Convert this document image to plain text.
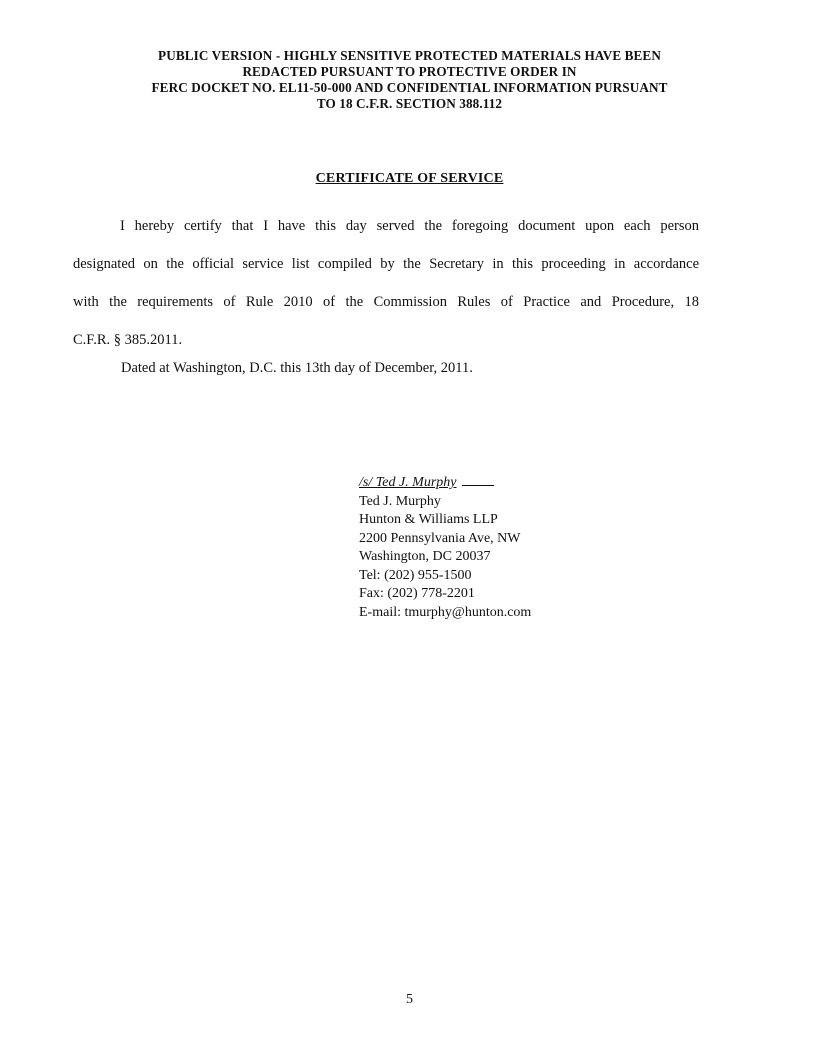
PUBLIC VERSION - HIGHLY SENSITIVE PROTECTED MATERIALS HAVE BEEN
REDACTED PURSUANT TO PROTECTIVE ORDER IN
FERC DOCKET NO. EL11-50-000 AND CONFIDENTIAL INFORMATION PURSUANT
TO 18 C.F.R. SECTION 388.112
CERTIFICATE OF SERVICE
I hereby certify that I have this day served the foregoing document upon each person
designated on the official service list compiled by the Secretary in this proceeding in accordance
with the requirements of Rule 2010 of the Commission Rules of Practice and Procedure, 18
C.F.R. § 385.2011.
Dated at Washington, D.C. this 13th day of December, 2011.
/s/ Ted J. Murphy
Ted J. Murphy
Hunton & Williams LLP
2200 Pennsylvania Ave, NW
Washington, DC 20037
Tel: (202) 955-1500
Fax: (202) 778-2201
E-mail: tmurphy@hunton.com
5
